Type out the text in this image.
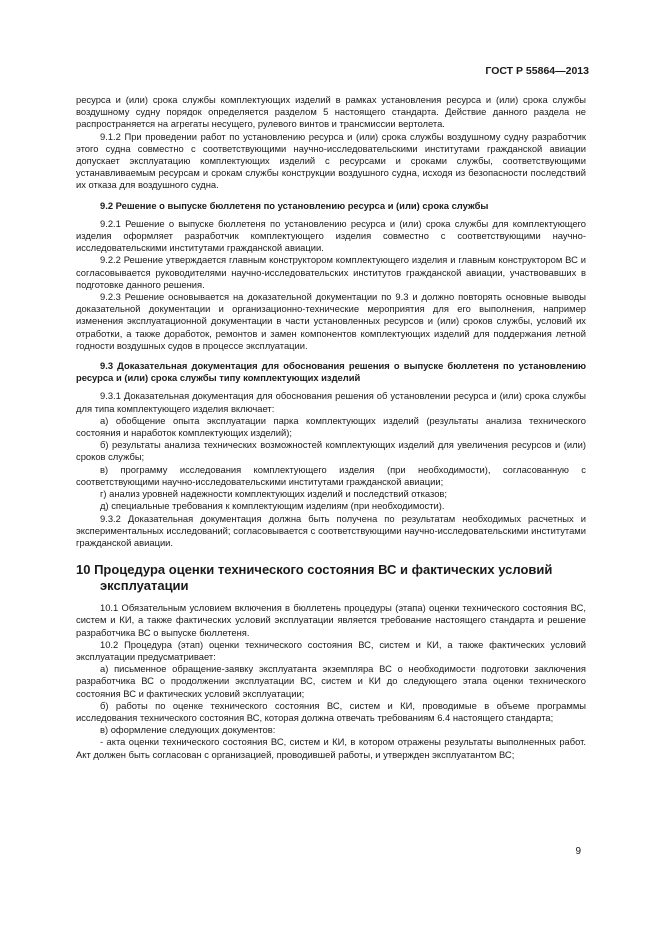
ГОСТ Р 55864—2013

ресурса и (или) срока службы комплектующих изделий в рамках установления ресурса и (или) срока службы воздушному судну порядок определяется разделом 5 настоящего стандарта. Действие данного раздела не распространяется на агрегаты несущего, рулевого винтов и трансмиссии вертолета.

9.1.2 При проведении работ по установлению ресурса и (или) срока службы воздушному судну разработчик этого судна совместно с соответствующими научно-исследовательскими институтами гражданской авиации допускает эксплуатацию комплектующих изделий с ресурсами и сроками службы, соответствующими устанавливаемым ресурсам и срокам службы конструкции воздушного судна, исходя из безопасности последствий их отказа для воздушного судна.

9.2 Решение о выпуске бюллетеня по установлению ресурса и (или) срока службы

9.2.1 Решение о выпуске бюллетеня по установлению ресурса и (или) срока службы для комплектующего изделия оформляет разработчик комплектующего изделия совместно с соответствующими научно-исследовательскими институтами гражданской авиации.

9.2.2 Решение утверждается главным конструктором комплектующего изделия и главным конструктором ВС и согласовывается руководителями научно-исследовательских институтов гражданской авиации, участвовавших в подготовке данного решения.

9.2.3 Решение основывается на доказательной документации по 9.3 и должно повторять основные выводы доказательной документации и организационно-технические мероприятия для его выполнения, например изменения эксплуатационной документации в части установленных ресурсов и (или) сроков службы, условий их отработки, а также доработок, ремонтов и замен компонентов комплектующих изделий для поддержания летной годности воздушных судов в процессе эксплуатации.

9.3 Доказательная документация для обоснования решения о выпуске бюллетеня по установлению ресурса и (или) срока службы типу комплектующих изделий

9.3.1 Доказательная документация для обоснования решения об установлении ресурса и (или) срока службы для типа комплектующего изделия включает:

а) обобщение опыта эксплуатации парка комплектующих изделий (результаты анализа технического состояния и наработок комплектующих изделий);

б) результаты анализа технических возможностей комплектующих изделий для увеличения ресурсов и (или) сроков службы;

в) программу исследования комплектующего изделия (при необходимости), согласованную с соответствующими научно-исследовательскими институтами гражданской авиации;

г) анализ уровней надежности комплектующих изделий и последствий отказов;

д) специальные требования к комплектующим изделиям (при необходимости).

9.3.2 Доказательная документация должна быть получена по результатам необходимых расчетных и экспериментальных исследований; согласовывается с соответствующими научно-исследовательскими институтами гражданской авиации.

10 Процедура оценки технического состояния ВС и фактических условий эксплуатации

10.1 Обязательным условием включения в бюллетень процедуры (этапа) оценки технического состояния ВС, систем и КИ, а также фактических условий эксплуатации является требование настоящего стандарта и решение разработчика ВС о выпуске бюллетеня.

10.2 Процедура (этап) оценки технического состояния ВС, систем и КИ, а также фактических условий эксплуатации предусматривает:

а) письменное обращение-заявку эксплуатанта экземпляра ВС о необходимости подготовки заключения разработчика ВС о продолжении эксплуатации ВС, систем и КИ до следующего этапа оценки технического состояния ВС и фактических условий эксплуатации;

б) работы по оценке технического состояния ВС, систем и КИ, проводимые в объеме программы исследования технического состояния ВС, которая должна отвечать требованиям 6.4 настоящего стандарта;

в) оформление следующих документов:

- акта оценки технического состояния ВС, систем и КИ, в котором отражены результаты выполненных работ. Акт должен быть согласован с организацией, проводившей работы, и утвержден эксплуатантом ВС;

9
